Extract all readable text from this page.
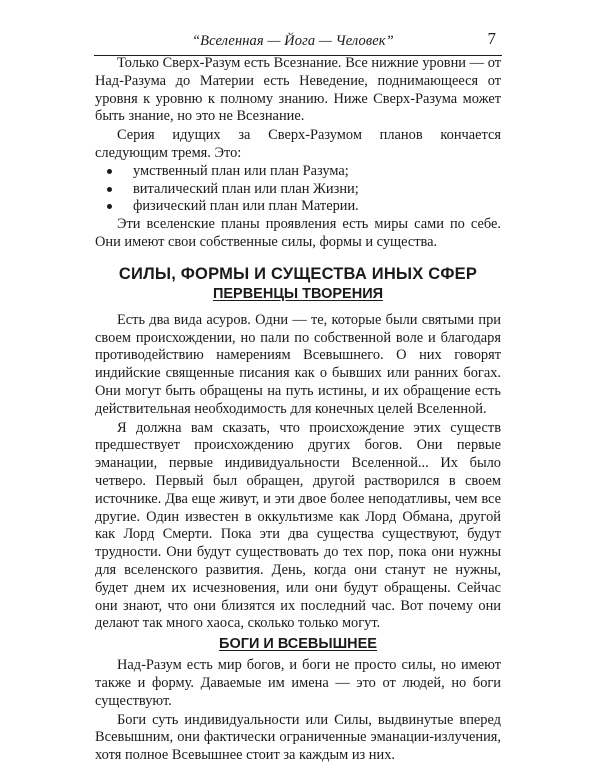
“Вселенная — Йога — Человек”	7

Только Сверх-Разум есть Всезнание. Все нижние уровни — от Над-Разума до Материи есть Неведение, поднимающееся от уровня к уровню к полному знанию. Ниже Сверх-Разума может быть знание, но это не Всезнание.

Серия идущих за Сверх-Разумом планов кончается следующим тремя. Это:

умственный план или план Разума;
виталический план или план Жизни;
физический план или план Материи.

Эти вселенские планы проявления есть миры сами по себе. Они имеют свои собственные силы, формы и существа.

СИЛЫ, ФОРМЫ И СУЩЕСТВА ИНЫХ СФЕР
ПЕРВЕНЦЫ ТВОРЕНИЯ

Есть два вида асуров. Одни — те, которые были святыми при своем происхождении, но пали по собственной воле и благодаря противодействию намерениям Всевышнего. О них говорят индийские священные писания как о бывших или ранних богах. Они могут быть обращены на путь истины, и их обращение есть действительная необходимость для конечных целей Вселенной.

Я должна вам сказать, что происхождение этих существ предшествует происхождению других богов. Они первые эманации, первые индивидуальности Вселенной... Их было четверо. Первый был обращен, другой растворился в своем источнике. Два еще живут, и эти двое более неподатливы, чем все другие. Один известен в оккультизме как Лорд Обмана, другой как Лорд Смерти. Пока эти два существа существуют, будут трудности. Они будут существовать до тех пор, пока они нужны для вселенского развития. День, когда они станут не нужны, будет днем их исчезновения, или они будут обращены. Сейчас они знают, что они близятся их последний час. Вот почему они делают так много хаоса, сколько только могут.

БОГИ И ВСЕВЫШНЕЕ

Над-Разум есть мир богов, и боги не просто силы, но имеют также и форму. Даваемые им имена — это от людей, но боги существуют.

Боги суть индивидуальности или Силы, выдвинутые вперед Всевышним, они фактически ограниченные эманации-излучения, хотя полное Всевышнее стоит за каждым из них.
